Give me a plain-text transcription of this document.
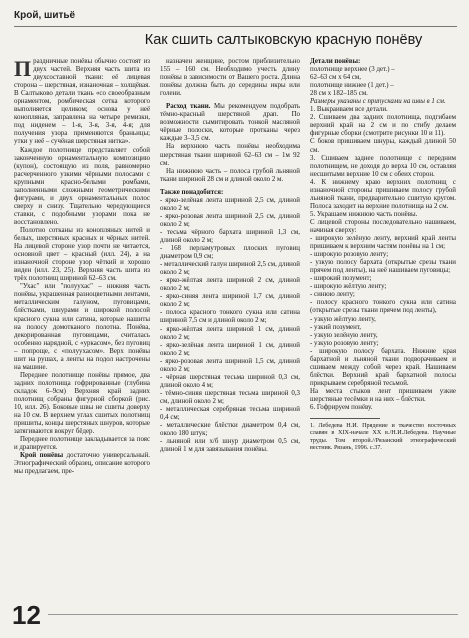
Крой, шитьё
Как сшить салтыковскую красную понёву

Праздничные понёвы обычно состоят из двух частей. Верхняя часть шита из двухсоставной ткани: её лицевая сторона – шерстяная, изнаночная – холщёвая. В Салтыково детали ткань «со своеобразным орнаментом, ромбическая сетка которого выполняется целиком; основа у неё конопляная, заправлена на четыре ремизки, под ниденем – 1-я, 3-я, 3-я, 4-я; для получения узора применяются браньицы; утки у неё – сучёная шерстяная нитка».

Каждое полотнище представляет собой законченную орнаментальную композицию (купон), состоящую из поля, равномерно расчерченного узкими чёрными полосами с крупными красно-белыми ромбами, заполненными сложными геометрическими фигурами, и двух орнаментальных полос сверху и снизу. Тщательно чередующиеся ставки, с подобными узорами пока не восстановлено.

Полотно сотканы из конопляных нитей и белых, шерстяных красных и чёрных нитей. На лицевой стороне узор почти не читается, основной цвет – красный (илл. 24), а на изнаночной стороне узор чёткий и хорошо виден (илл. 23, 25). Верхняя часть шита из трёх полотнищ шириной 62–63 см.

"Ухас" или "полуухас" – нижняя часть понёвы, украшенная разноцветными лентами, металлическим галуном, пуговицами, блёстками, шнурами и широкой полосой красного сукна или сатина, которые нашиты на полосу домотканого полотна. Понёва, декорированная пуговицами, считалась особенно нарядной, с «уркасом», без пуговиц – попроще, с «полуухасом». Верх понёвы шит на рушах, а ленты на подол настрочены на машине.

Переднее полотнище понёвы прямое, два задних полотнища гофрированные (глубина складок 6–9см) Верхняя край задних полотнищ собраны фигурной сборкой (рис. 10, илл. 26). Боковые швы не сшиты доверху на 10 см. В верхнем углах сшитых полотнищ пришиты, концы шерстяных шнуров, которые затягиваются вокруг бёдер.

Переднее полотнище закладывается за пояс и драпируется.

Крой понёвы достаточно универсальный. Этнографический образец, описание которого мы предлагаем, пре-

назначен женщине, ростом приблизительно 155 – 160 см. Необходимо учесть длину понёвы в зависимости от Вашего роста. Длина понёвы должна быть до середины икры или голени.

Расход ткани. Мы рекомендуем подобрать тёмно-красный шерстяной драп. По возможности сымитировать тонкой масляной чёрные полоски, которые протканы через каждые 3–3,5 см.

На верхнюю часть понёвы необходима шерстяная ткани шириной 62–63 см – 1м 92 см.

На нижнюю часть – полоса грубой льняной ткани шириной 28 см и длиной около 2 м.

Также понадобится:

- ярко-зелёная лента шириной 2,5 см, длиной около 2 м;

- ярко-розовая лента шириной 2,5 см, длиной около 2 м;

- тесьма чёрного бархата шириной 1,3 см, длиной около 2 м;

- 168 перламутровых плоских пуговиц диаметром 0,9 см;

- металлический галун шириной 2,5 см, длиной около 2 м;

- ярко-жёлтая лента шириной 2 см, длиной около 2 м;

- ярко-синяя лента шириной 1,7 см, длиной около 2 м;

- полоса красного тонкого сукна или сатина шириной 7,5 см и длиной около 2 м;

- ярко-жёлтая лента шириной 1 см, длиной около 2 м;

- ярко-зелёная лента шириной 1 см, длиной около 2 м;

- ярко-розовая лента шириной 1,5 см, длиной около 2 м;

- чёрная шерстяная тесьма шириной 0,3 см, длиной около 4 м;

- тёмно-синяя шерстяная тесьма шириной 0,3 см, длиной около 2 м;

- металлическая серебряная тесьма шириной 0,4 см;

- металлические блёстки диаметром 0,4 см, около 180 штук;

- льняной или х/б шнур диаметром 0,5 см, длиной 1 м для завязывания понёвы.

Детали понёвы:

полотнище верхнее (3 дет.) –

62–63 см х 64 см,

полотнище нижнее (1 дет.) –

28 см х 182–185 см.

Размеры указаны с припусками на швы в 1 см.

1. Выкраиваем все детали.

2. Сшиваем два задних полотнища, подгибаем верхний край на 2 см и по стибу делаем фигурные сборки (смотрите рисунки 10 и 11).

С боков пришиваем шнуры, каждый длиной 50 см.

3. Сшиваем заднее полотнище с передним полотнищем, не доходя до верха 10 см, оставляя несшитыми верхние 10 см с обеих сторон.

4. К нижнему краю верхних полотнищ с изнаночной стороны пришиваем полосу грубой льняной ткани, предварительно сшитую кругом. Полоса заходит на верхние полотнища на 2 см.

5. Украшаем нижнюю часть понёвы.

С лицевой стороны последовательно нашиваем, начиная сверху:

- широкую зелёную ленту, верхний край ленты пришиваем к верхним частям понёвы на 1 см;

- широкую розовую ленту;

- узкую полосу бархата (открытые срезы ткани прячем под ленты), на неё нашиваем пуговицы;

- широкий позумент;

- широкую жёлтую ленту;

- синюю ленту;

- полосу красного тонкого сукна или сатина (открытые срезы ткани прячем под ленты),

- узкую жёлтую ленту,

- узкий позумент,

- узкую зелёную ленту,

- узкую розовую ленту;

- широкую полосу бархата. Нижние края бархатной и льняной ткани подворачиваем и сшиваем между собой через край. Нашиваем блёстки. Верхний край бархатной полосы прикрываем серебряной тесьмой.

На места стыков лент пришиваем узкие шерстяные тесёмки и на них – блёстки.

6. Гофрируем понёву.

1. Лебедева Н.И. Прядение и ткачество восточных славян в XIX-начале XX в./Н.И.Лебедева. Научные труды. Том второй.//Рязанский этнографический вестник. Рязань, 1996. с.37.

12
